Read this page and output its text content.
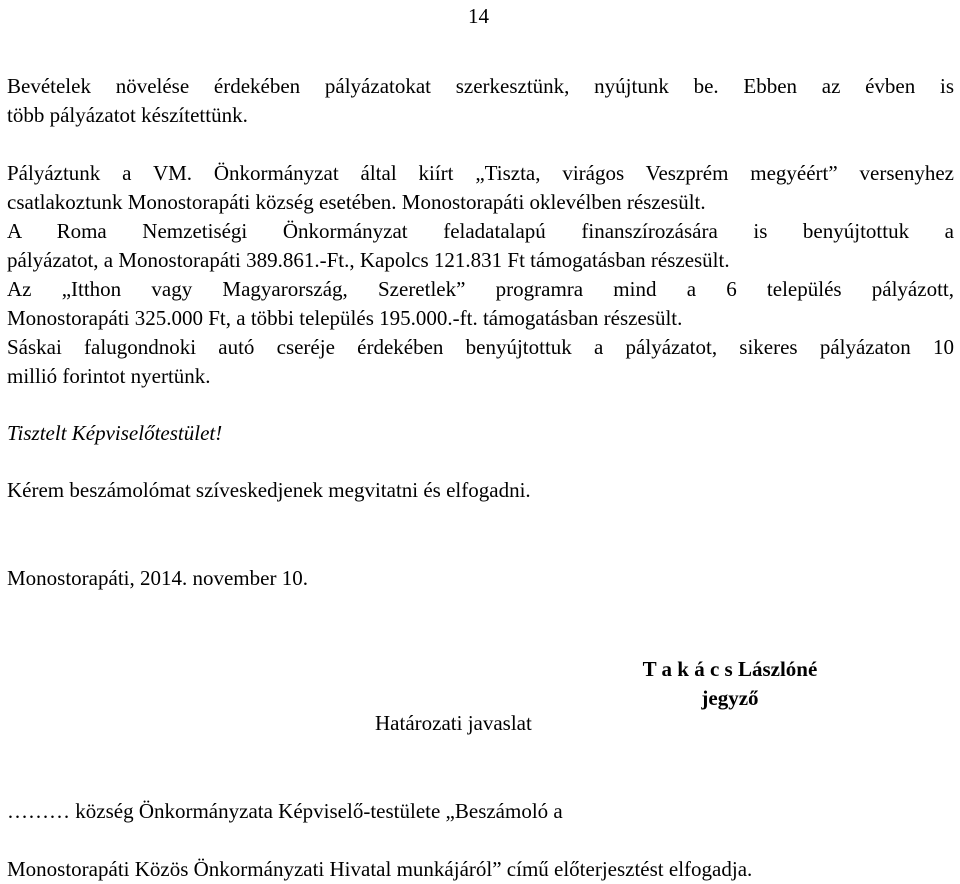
14
Bevételek növelése érdekében pályázatokat szerkesztünk, nyújtunk be. Ebben az évben is
több pályázatot készítettünk.
Pályáztunk a VM. Önkormányzat által kiírt „Tiszta, virágos Veszprém megyéért” versenyhez
csatlakoztunk Monostorapáti község esetében. Monostorapáti oklevélben részesült.
A Roma Nemzetiségi Önkormányzat feladatalapú finanszírozására is benyújtottuk a
pályázatot, a Monostorapáti 389.861.-Ft., Kapolcs 121.831 Ft támogatásban részesült.
Az „Itthon vagy Magyarország, Szeretlek” programra mind a 6 település pályázott,
Monostorapáti 325.000 Ft, a többi település 195.000.-ft. támogatásban részesült.
Sáskai falugondnoki autó cseréje érdekében benyújtottuk a pályázatot, sikeres pályázaton 10
millió forintot nyertünk.
Tisztelt Képviselőtestület!
Kérem beszámolómat szíveskedjenek megvitatni és elfogadni.
Monostorapáti, 2014. november 10.
T a k á c s Lászlóné
jegyző
Határozati javaslat
……… község Önkormányzata Képviselő-testülete „Beszámoló a
Monostorapáti Közös Önkormányzati Hivatal munkájáról” című előterjesztést elfogadja.
